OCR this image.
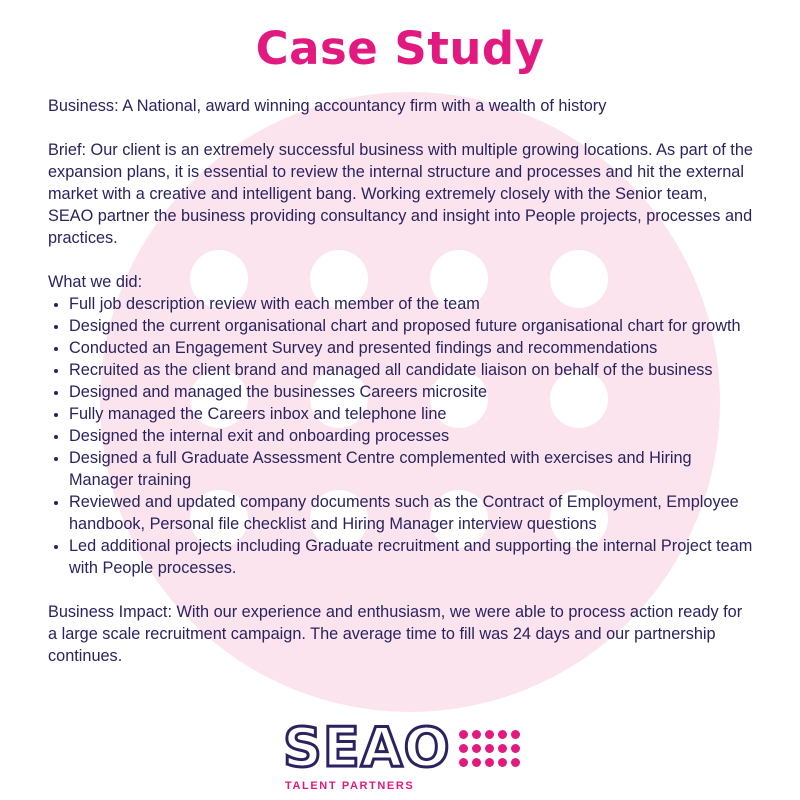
Case Study

Business: A National, award winning accountancy firm with a wealth of history

Brief: Our client is an extremely successful business with multiple growing locations. As part of the expansion plans, it is essential to review the internal structure and processes and hit the external market with a creative and intelligent bang. Working extremely closely with the Senior team, SEAO partner the business providing consultancy and insight into People projects, processes and practices.

What we did:
• Full job description review with each member of the team
• Designed the current organisational chart and proposed future organisational chart for growth
• Conducted an Engagement Survey and presented findings and recommendations
• Recruited as the client brand and managed all candidate liaison on behalf of the business
• Designed and managed the businesses Careers microsite
• Fully managed the Careers inbox and telephone line
• Designed the internal exit and onboarding processes
• Designed a full Graduate Assessment Centre complemented with exercises and Hiring Manager training
• Reviewed and updated company documents such as the Contract of Employment, Employee handbook, Personal file checklist and Hiring Manager interview questions
• Led additional projects including Graduate recruitment and supporting the internal Project team with People processes.

Business Impact: With our experience and enthusiasm, we were able to process action ready for a large scale recruitment campaign. The average time to fill was 24 days and our partnership continues.

SEAO
TALENT PARTNERS
